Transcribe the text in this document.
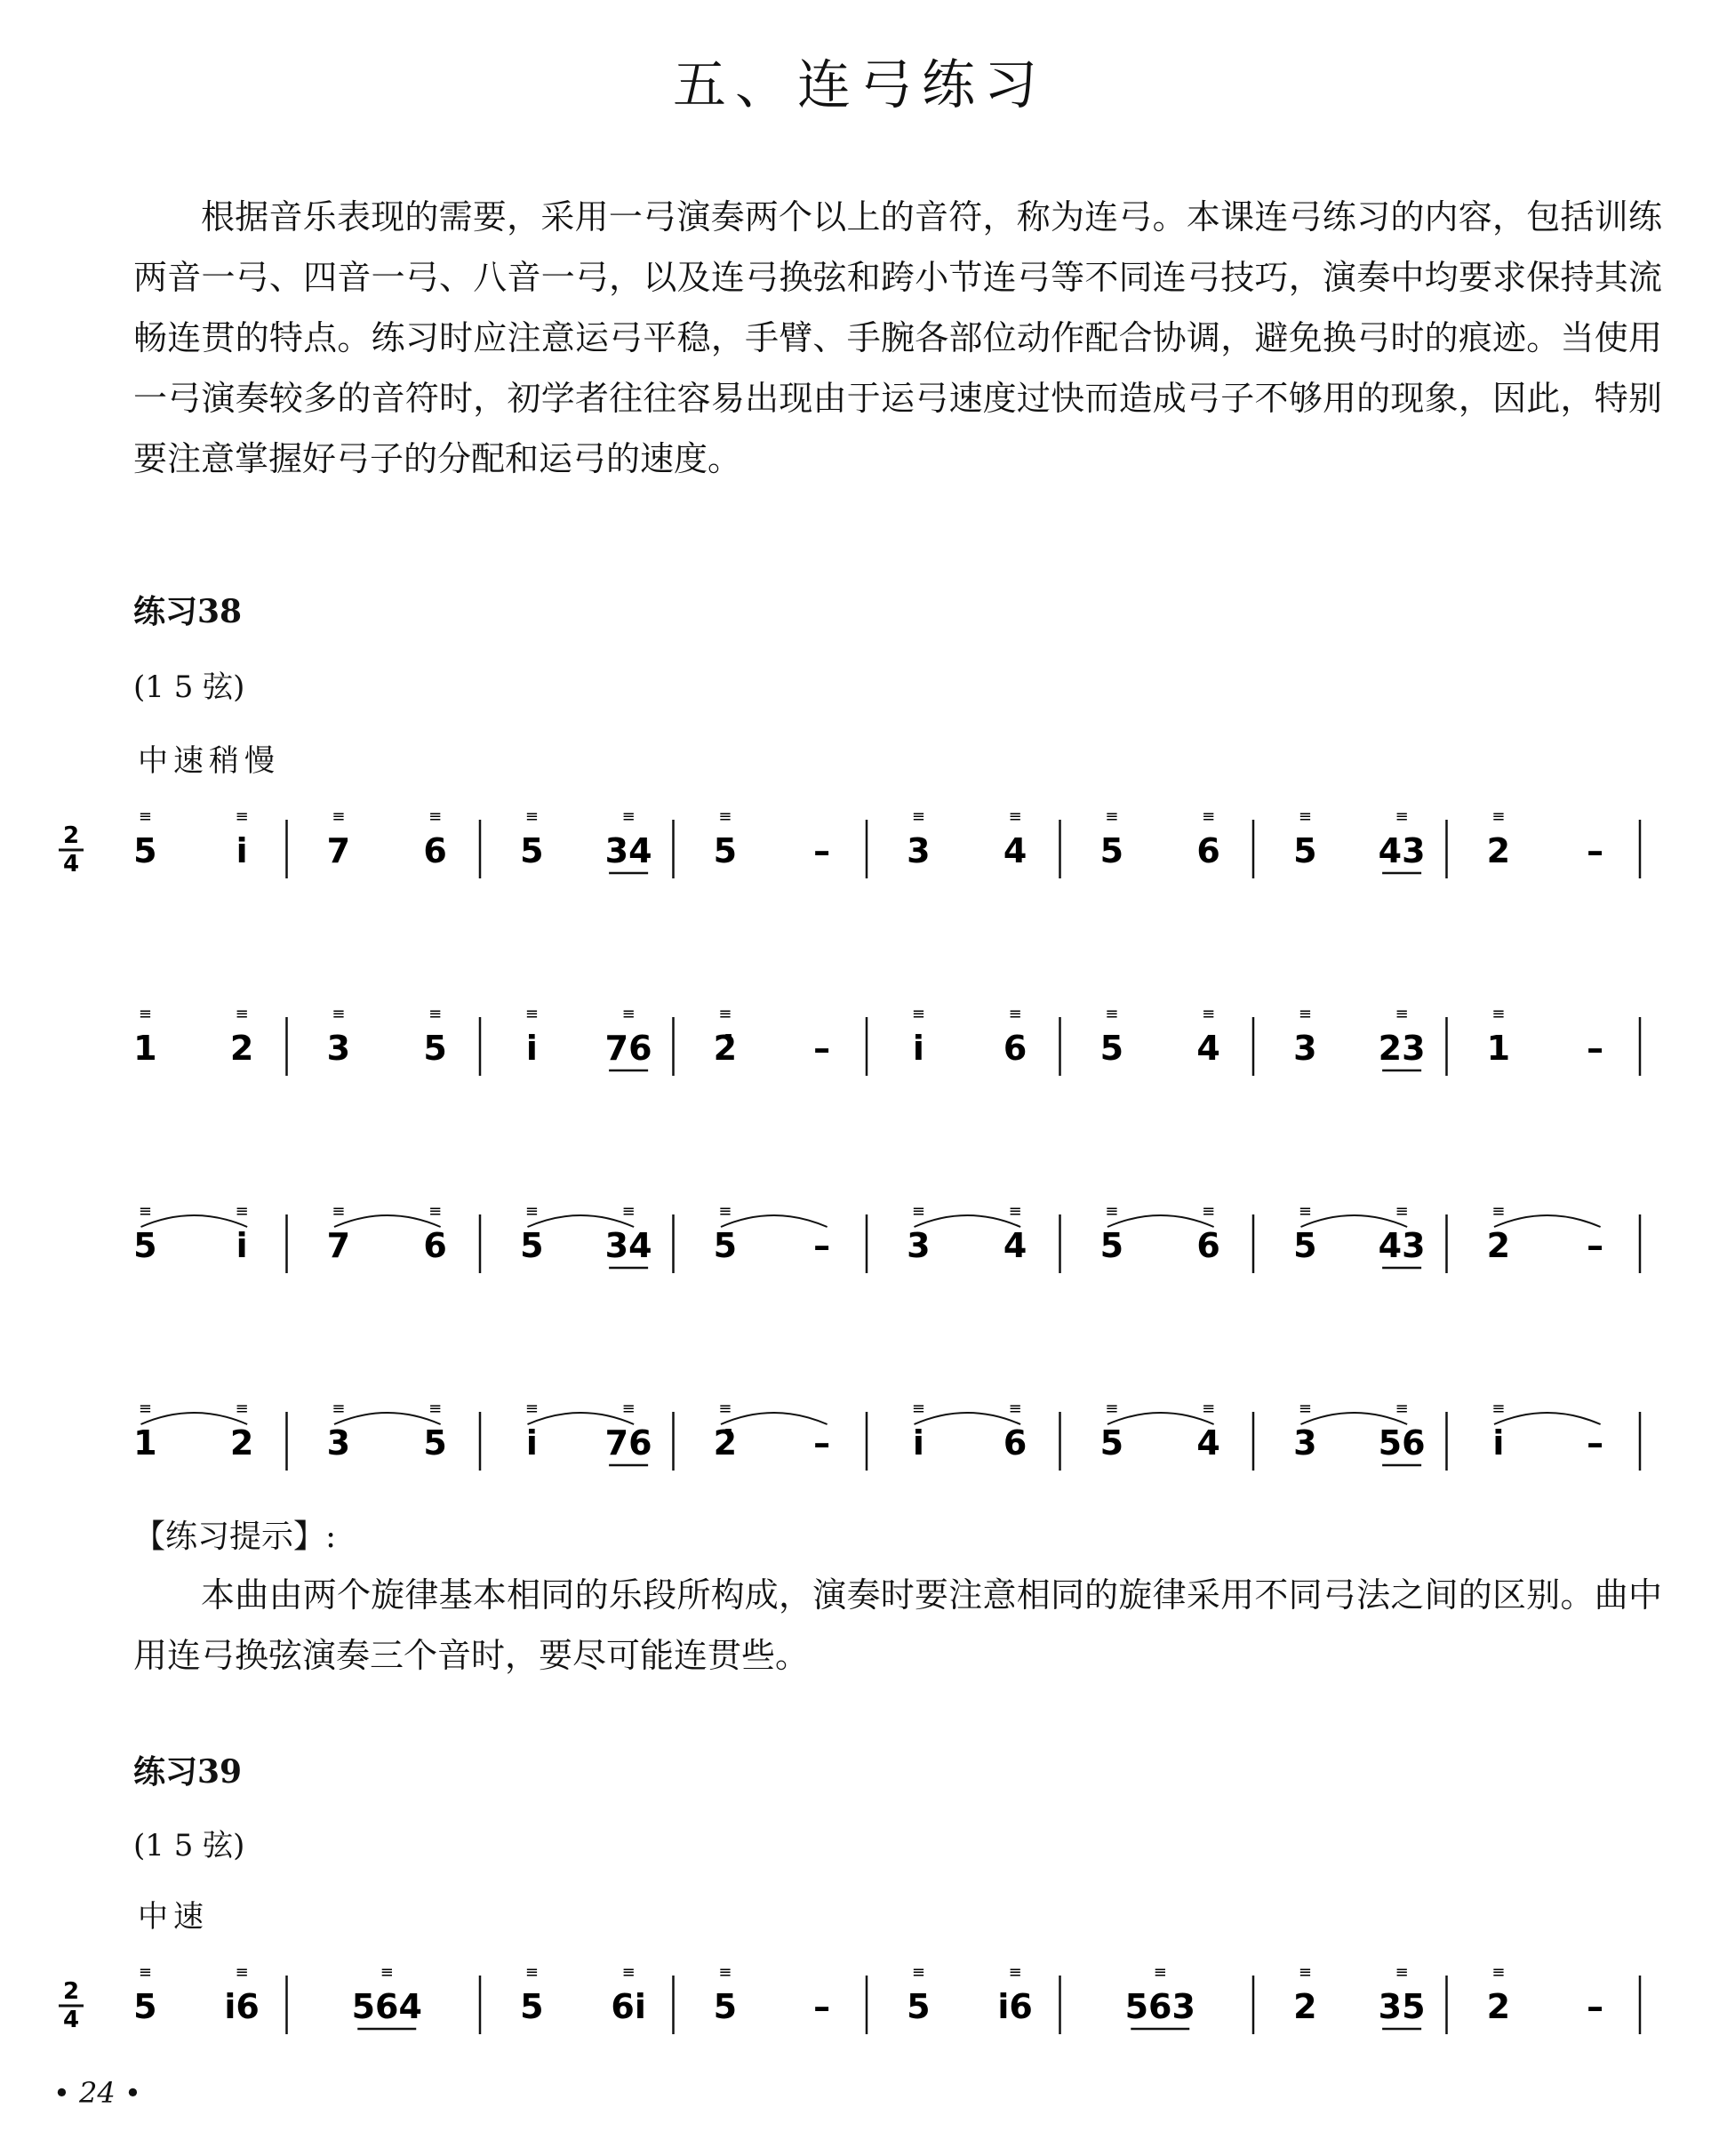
五、连弓练习
根据音乐表现的需要，采用一弓演奏两个以上的音符，称为连弓。本课连弓练习的内容，包括训练两音一弓、四音一弓、八音一弓，以及连弓换弦和跨小节连弓等不同连弓技巧，演奏中均要求保持其流畅连贯的特点。练习时应注意运弓平稳，手臂、手腕各部位动作配合协调，避免换弓时的痕迹。当使用一弓演奏较多的音符时，初学者往往容易出现由于运弓速度过快而造成弓子不够用的现象，因此，特别要注意掌握好弓子的分配和运弓的速度。
练习38
(1 5 弦)
中速稍慢
2
4 5
≡
i̇
≡
7
≡
6
≡
5
≡
34
≡
5
≡
– 3
≡
4
≡
5
≡
6
≡
5
≡
43
≡
2
≡
–
1
≡
2
≡
3
≡
5
≡
i̇
≡
76
≡
2̇
≡
– i̇
≡
6
≡
5
≡
4
≡
3
≡
23
≡
1
≡
–
5
≡
i̇
≡
7
≡
6
≡
5
≡
34
≡
5
≡
– 3
≡
4
≡
5
≡
6
≡
5
≡
43
≡
2
≡
–
1
≡
2
≡
3
≡
5
≡
i̇
≡
76
≡
2̇
≡
– i̇
≡
6
≡
5
≡
4
≡
3
≡
56
≡
i̇
≡
–
【练习提示】:
本曲由两个旋律基本相同的乐段所构成，演奏时要注意相同的旋律采用不同弓法之间的区别。曲中用连弓换弦演奏三个音时，要尽可能连贯些。
练习39
(1 5 弦)
中速
2
4 5
≡
i̇6
≡
564
≡
5
≡
6i̇
≡
5
≡
– 5
≡
i̇6
≡
563
≡
2
≡
35
≡
2
≡
–
• 24 •
